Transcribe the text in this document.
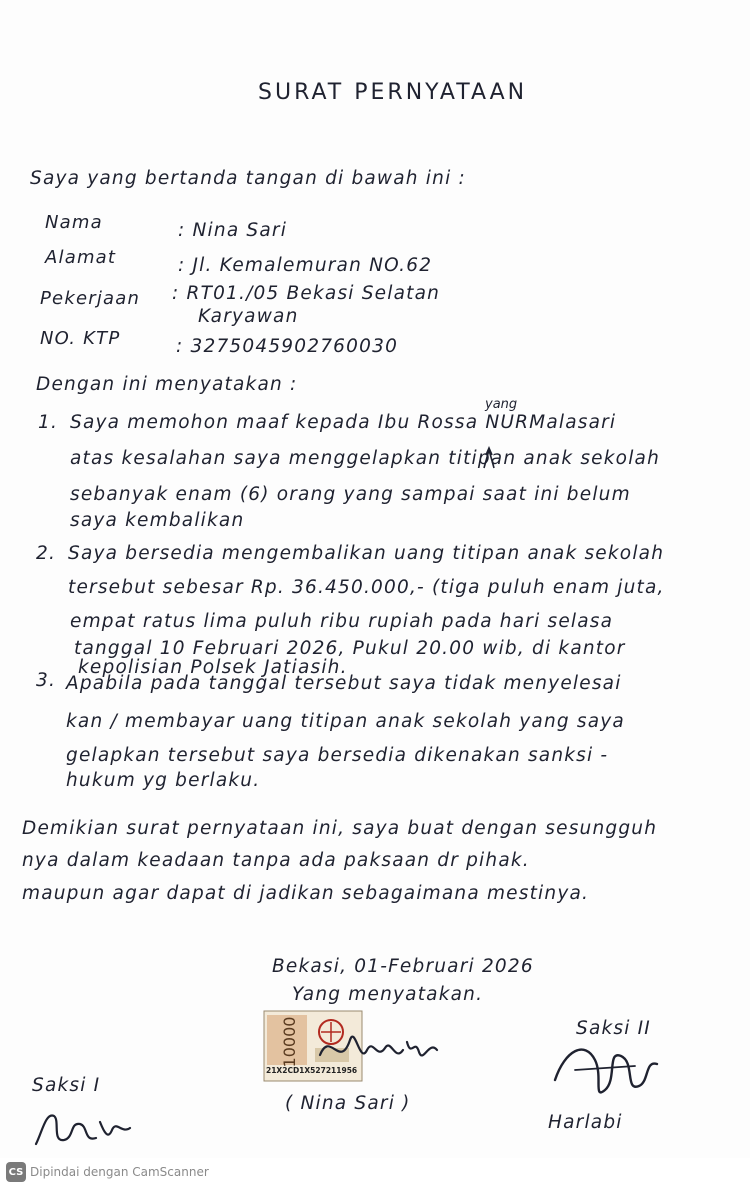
SURAT PERNYATAAN
Saya yang bertanda tangan di bawah ini :
Nama	: Nina Sari
Alamat	: Jl. Kemalemuran NO.62
Pekerjaan : RT01./05 Bekasi Selatan
Karyawan
NO. KTP	: 3275045902760030
Dengan ini menyatakan :
1.
yang
Saya memohon maaf kepada Ibu Rossa NURMalasari
atas kesalahan saya menggelapkan titipan anak sekolah
sebanyak enam (6) orang yang sampai saat ini belum
saya kembalikan
2. Saya bersedia mengembalikan uang titipan anak sekolah
tersebut sebesar Rp. 36.450.000,- (tiga puluh enam juta,
empat ratus lima puluh ribu rupiah pada hari selasa
tanggal 10 Februari 2026, Pukul 20.00 wib, di kantor
kepolisian Polsek Jatiasih.
3. Apabila pada tanggal tersebut saya tidak menyelesai
kan / membayar uang titipan anak sekolah yang saya
gelapkan tersebut saya bersedia dikenakan sanksi -
hukum yg berlaku.
Demikian surat pernyataan ini, saya buat dengan sesungguh
nya dalam keadaan tanpa ada paksaan dr pihak.
maupun agar dapat di jadikan sebagaimana mestinya.
Bekasi, 01-Februari 2026
Yang menyatakan.
10000
21X2CD1X527211956
( Nina Sari )
Saksi I
Saksi II
Harlabi
CS Dipindai dengan CamScanner
